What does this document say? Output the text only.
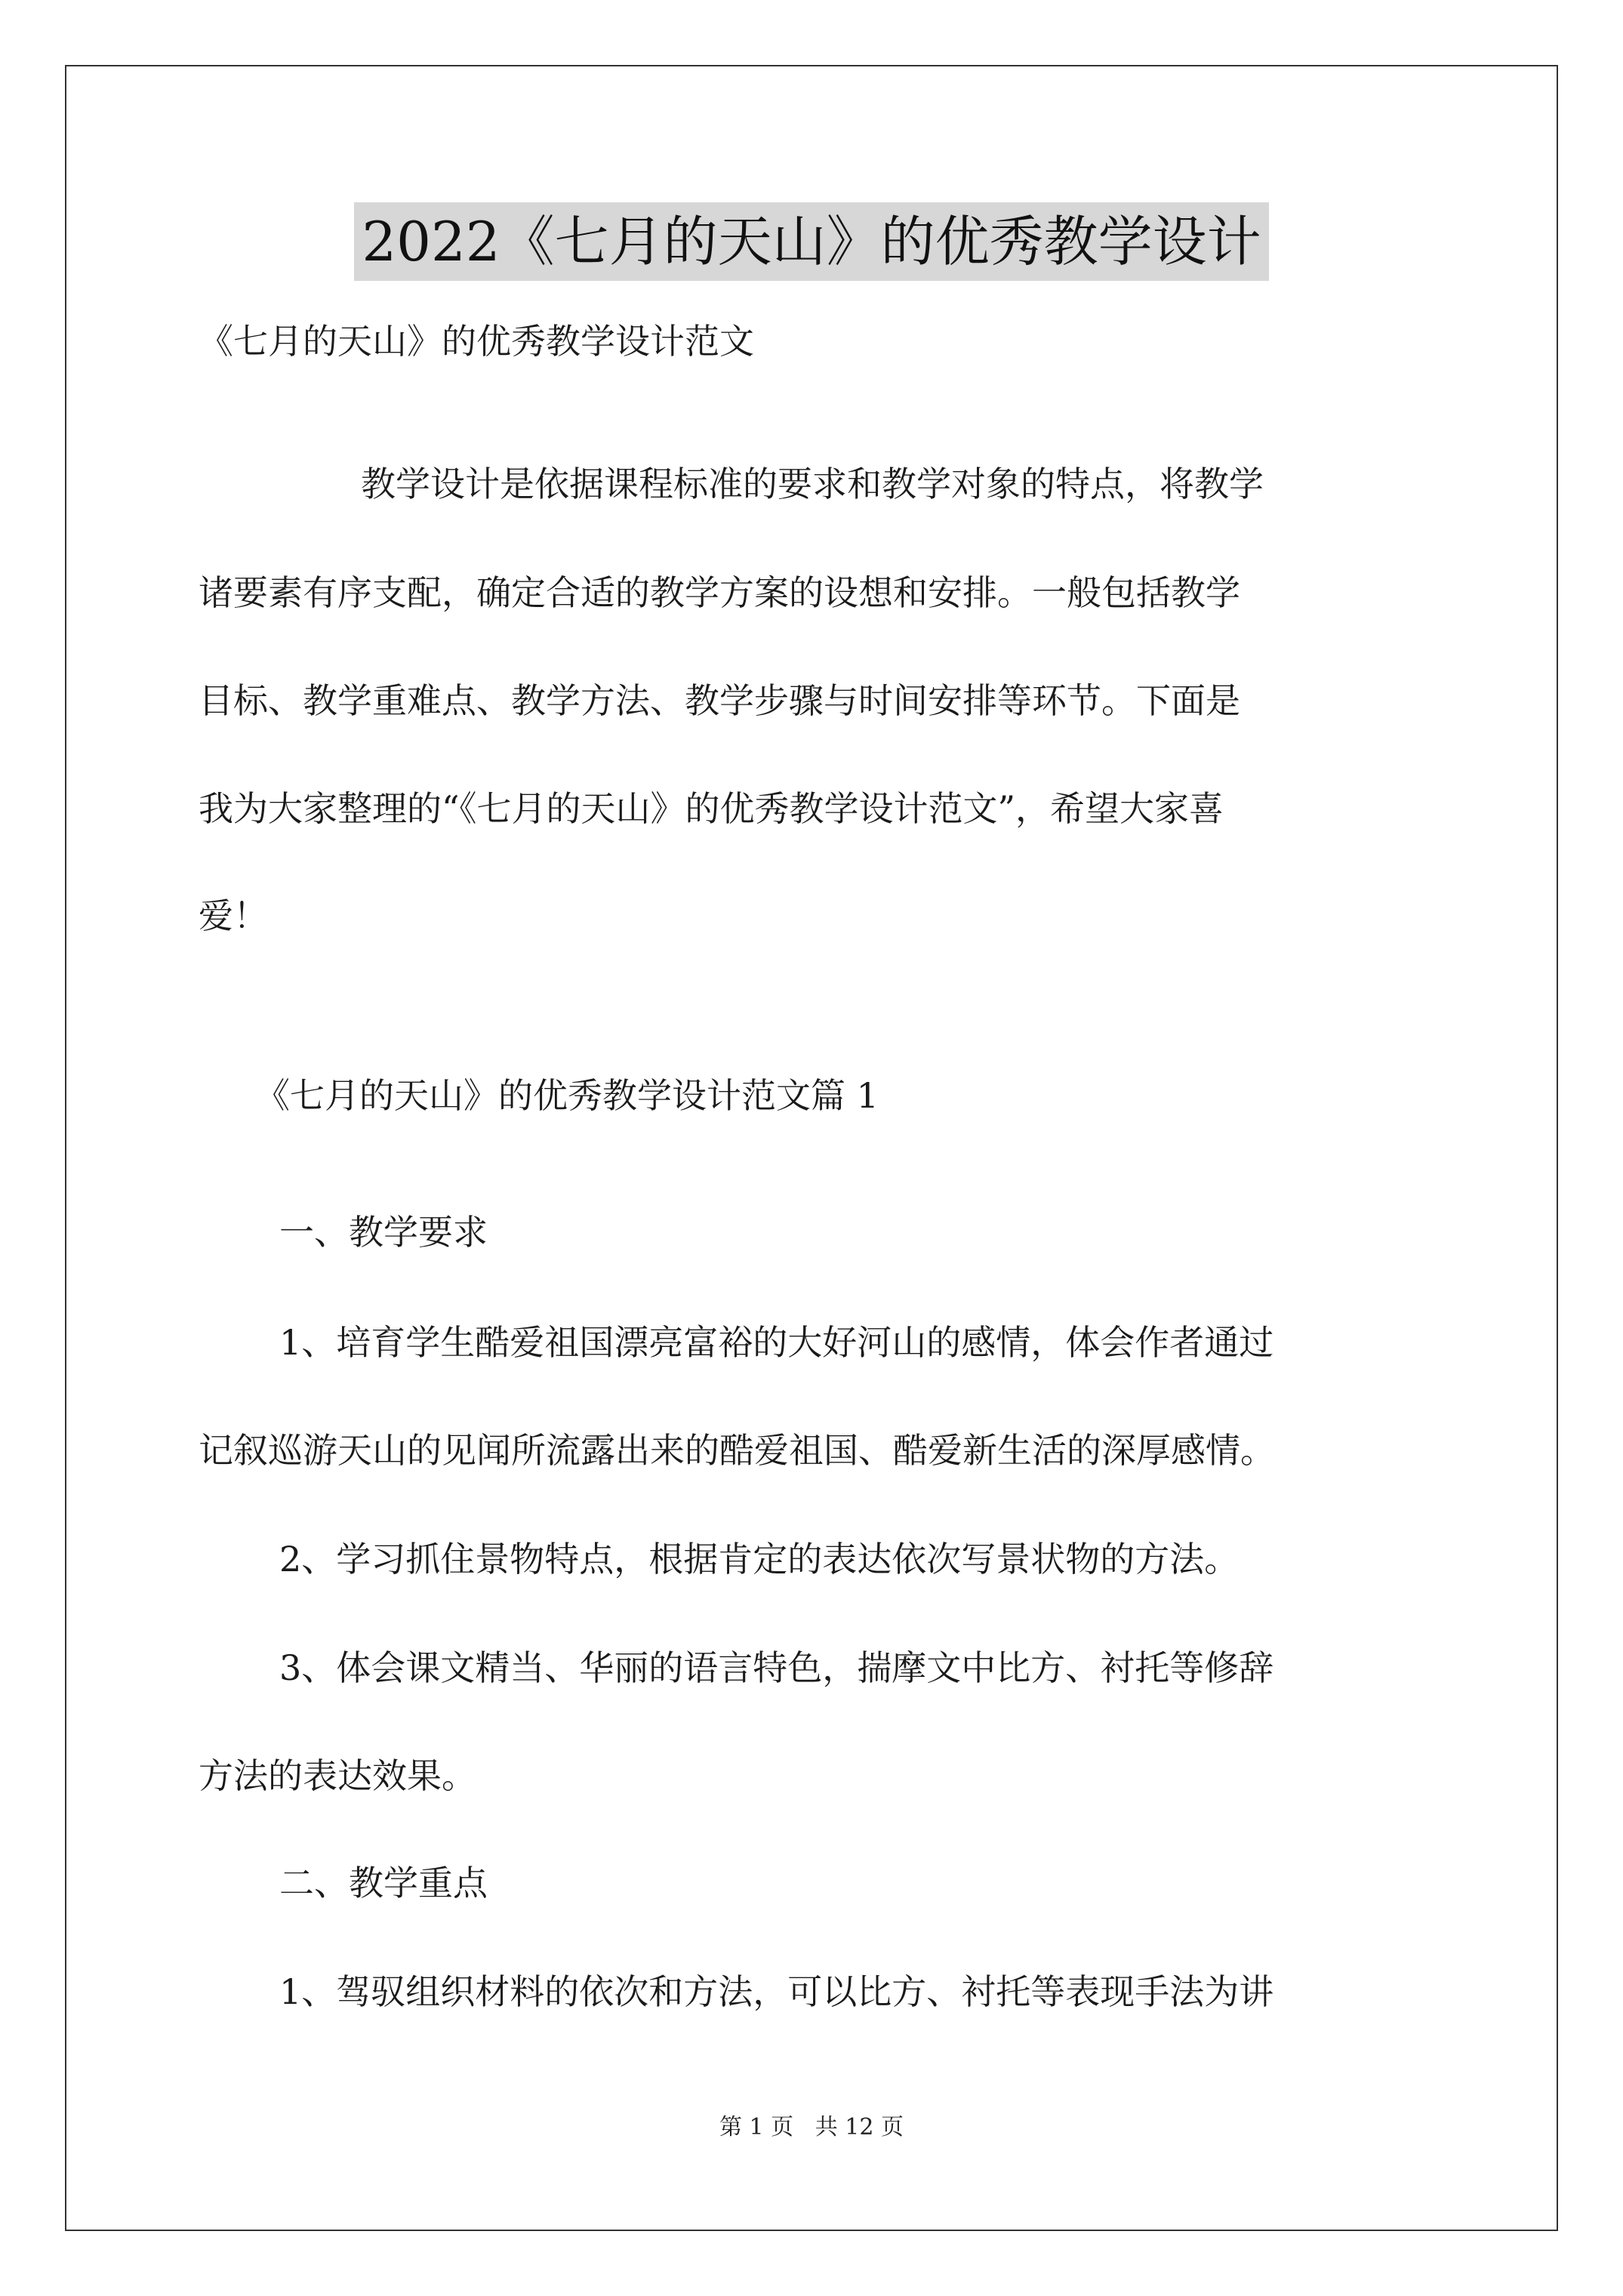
2022《七月的天山》的优秀教学设计
《七月的天山》的优秀教学设计范文
教学设计是依据课程标准的要求和教学对象的特点，将教学
诸要素有序支配，确定合适的教学方案的设想和安排。一般包括教学
目标、教学重难点、教学方法、教学步骤与时间安排等环节。下面是
我为大家整理的“《七月的天山》的优秀教学设计范文”，希望大家喜
爱！
《七月的天山》的优秀教学设计范文篇 1
一、教学要求
1、培育学生酷爱祖国漂亮富裕的大好河山的感情，体会作者通过
记叙巡游天山的见闻所流露出来的酷爱祖国、酷爱新生活的深厚感情。
2、学习抓住景物特点，根据肯定的表达依次写景状物的方法。
3、体会课文精当、华丽的语言特色，揣摩文中比方、衬托等修辞
方法的表达效果。
二、教学重点
1、驾驭组织材料的依次和方法，可以比方、衬托等表现手法为讲
第 1 页   共 12 页
